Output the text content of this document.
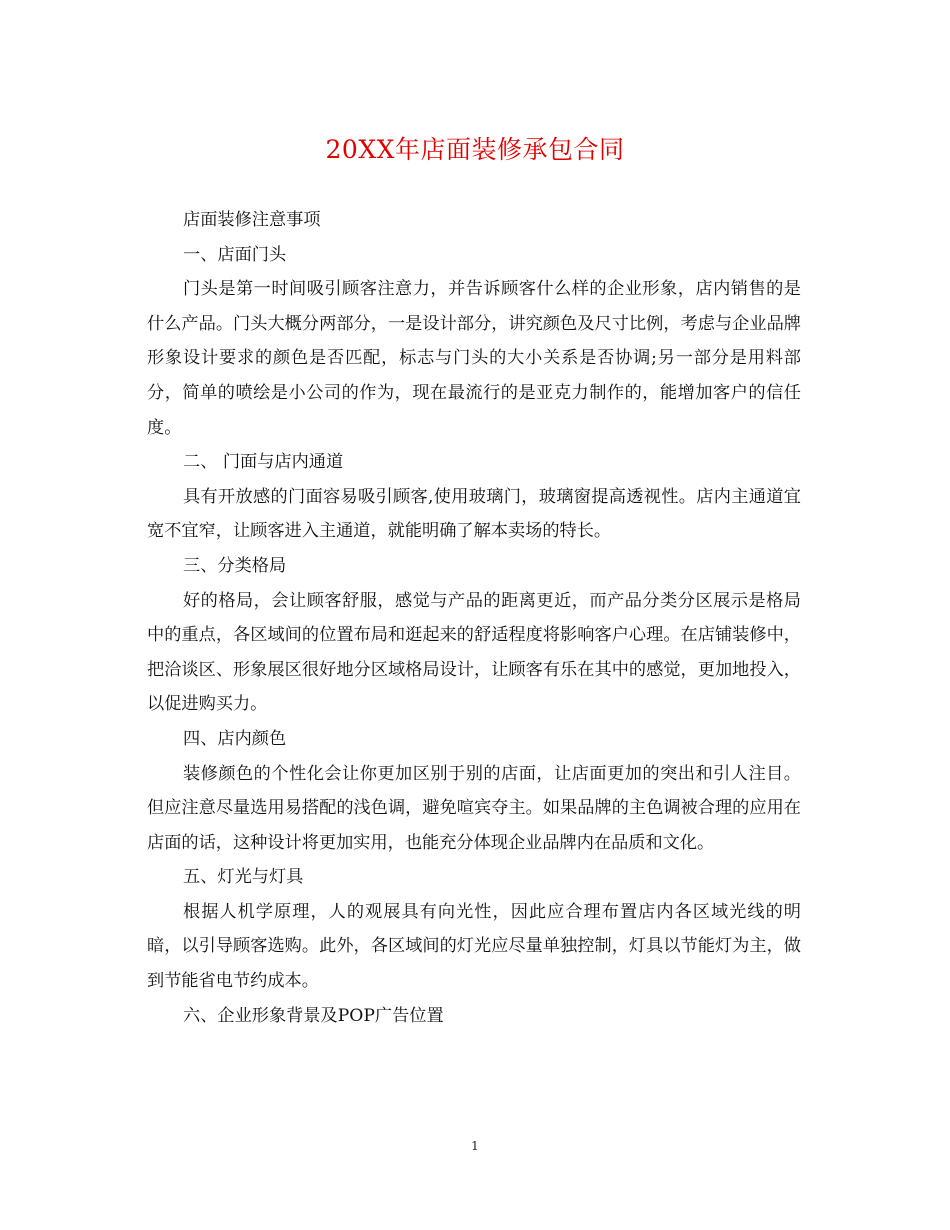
20XX年店面装修承包合同

店面装修注意事项

一、店面门头

门头是第一时间吸引顾客注意力，并告诉顾客什么样的企业形象，店内销售的是什么产品。门头大概分两部分，一是设计部分，讲究颜色及尺寸比例，考虑与企业品牌形象设计要求的颜色是否匹配，标志与门头的大小关系是否协调;另一部分是用料部分，简单的喷绘是小公司的作为，现在最流行的是亚克力制作的，能增加客户的信任度。

二、 门面与店内通道

具有开放感的门面容易吸引顾客,使用玻璃门，玻璃窗提高透视性。店内主通道宜宽不宜窄，让顾客进入主通道，就能明确了解本卖场的特长。

三、分类格局

好的格局，会让顾客舒服，感觉与产品的距离更近，而产品分类分区展示是格局中的重点，各区域间的位置布局和逛起来的舒适程度将影响客户心理。在店铺装修中，把洽谈区、形象展区很好地分区域格局设计，让顾客有乐在其中的感觉，更加地投入，以促进购买力。

四、店内颜色

装修颜色的个性化会让你更加区别于别的店面，让店面更加的突出和引人注目。但应注意尽量选用易搭配的浅色调，避免喧宾夺主。如果品牌的主色调被合理的应用在店面的话，这种设计将更加实用，也能充分体现企业品牌内在品质和文化。

五、灯光与灯具

根据人机学原理，人的观展具有向光性，因此应合理布置店内各区域光线的明暗，以引导顾客选购。此外，各区域间的灯光应尽量单独控制，灯具以节能灯为主，做到节能省电节约成本。

六、企业形象背景及POP广告位置

1
